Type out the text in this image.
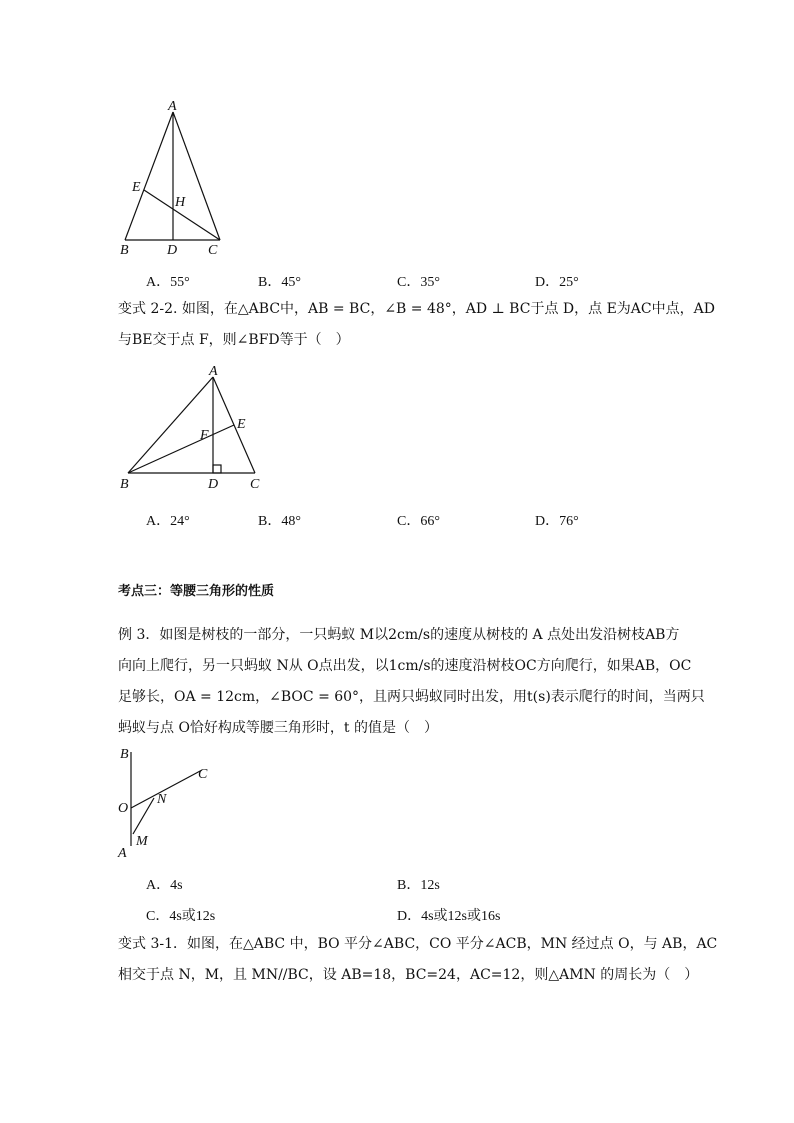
A
E
H
B	D C
A．55°	B．45°	C．35°	D．25°
变式 2-2. 如图，在△ABC中，AB = BC，∠B = 48°，AD ⊥ BC于点 D，点 E为AC中点，AD
与BE交于点 F，则∠BFD等于（　）
A
E
F
B	D C
A．24°	B．48°	C．66°	D．76°
考点三：等腰三角形的性质
例 3．如图是树枝的一部分，一只蚂蚁 M以2cm/s的速度从树枝的 A 点处出发沿树枝AB方
向向上爬行，另一只蚂蚁 N从 O点出发，以1cm/s的速度沿树枝OC方向爬行，如果AB，OC
足够长，OA = 12cm，∠BOC = 60°，且两只蚂蚁同时出发，用t(s)表示爬行的时间，当两只
蚂蚁与点 O恰好构成等腰三角形时，t 的值是（　）
B
C
O
N
M
A
A．4s	B．12s
C．4s或12s	D．4s或12s或16s
变式 3-1．如图，在△ABC 中，BO 平分∠ABC，CO 平分∠ACB，MN 经过点 O，与 AB，AC
相交于点 N，M，且 MN//BC，设 AB=18，BC=24，AC=12，则△AMN 的周长为（　）
